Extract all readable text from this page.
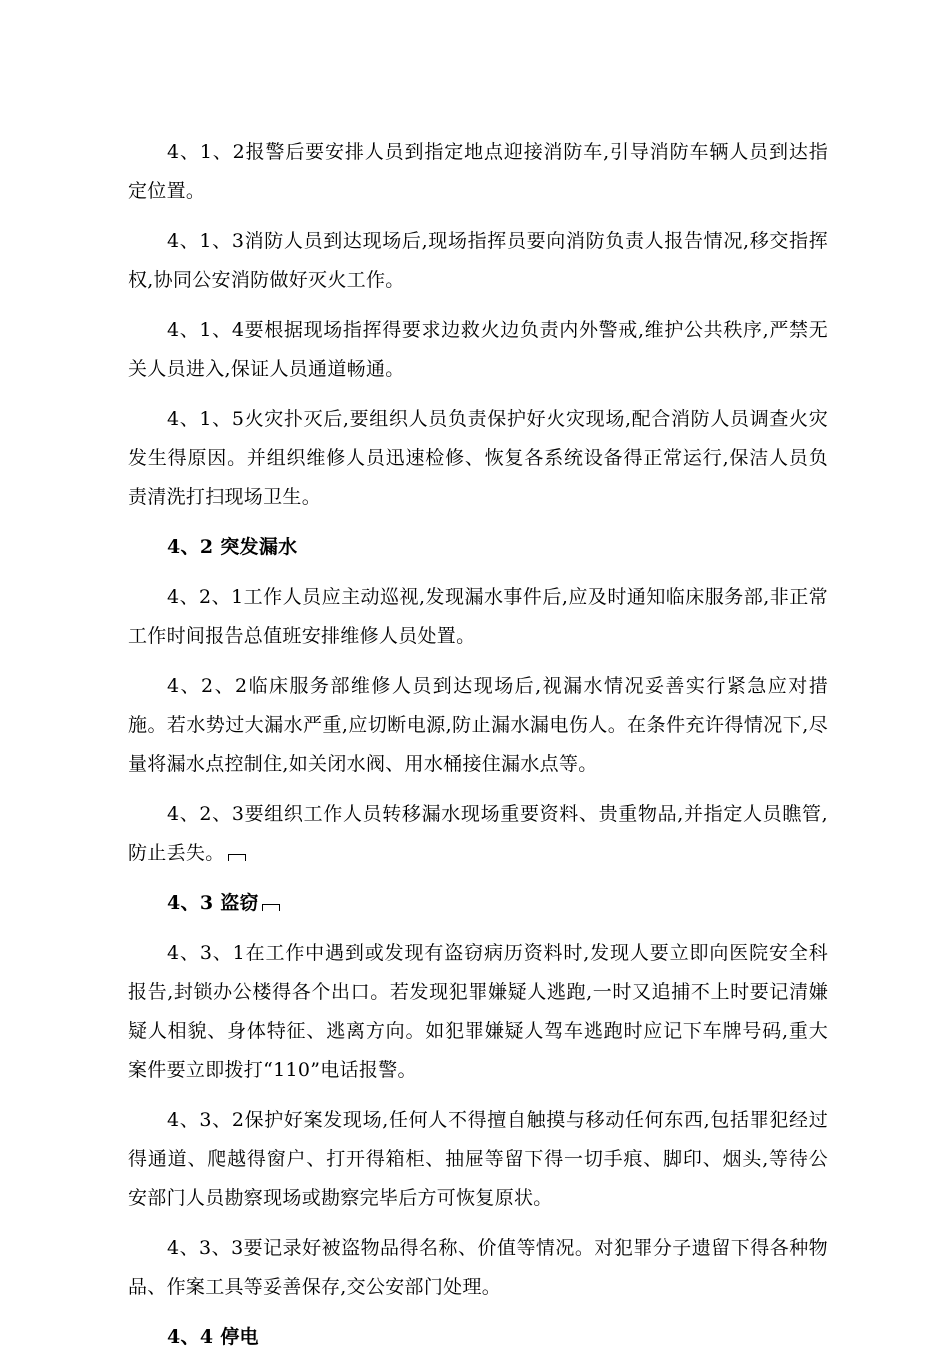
4、1、2报警后要安排人员到指定地点迎接消防车,引导消防车辆人员到达指定位置。

4、1、3消防人员到达现场后,现场指挥员要向消防负责人报告情况,移交指挥权,协同公安消防做好灭火工作。

4、1、4要根据现场指挥得要求边救火边负责内外警戒,维护公共秩序,严禁无关人员进入,保证人员通道畅通。

4、1、5火灾扑灭后,要组织人员负责保护好火灾现场,配合消防人员调查火灾发生得原因。并组织维修人员迅速检修、恢复各系统设备得正常运行,保洁人员负责清洗打扫现场卫生。

4、2 突发漏水

4、2、1工作人员应主动巡视,发现漏水事件后,应及时通知临床服务部,非正常工作时间报告总值班安排维修人员处置。

4、2、2临床服务部维修人员到达现场后,视漏水情况妥善实行紧急应对措施。若水势过大漏水严重,应切断电源,防止漏水漏电伤人。在条件充许得情况下,尽量将漏水点控制住,如关闭水阀、用水桶接住漏水点等。

4、2、3要组织工作人员转移漏水现场重要资料、贵重物品,并指定人员瞧管,防止丢失。

4、3 盗窃

4、3、1在工作中遇到或发现有盗窃病历资料时,发现人要立即向医院安全科报告,封锁办公楼得各个出口。若发现犯罪嫌疑人逃跑,一时又追捕不上时要记清嫌疑人相貌、身体特征、逃离方向。如犯罪嫌疑人驾车逃跑时应记下车牌号码,重大案件要立即拨打“110”电话报警。

4、3、2保护好案发现场,任何人不得擅自触摸与移动任何东西,包括罪犯经过得通道、爬越得窗户、打开得箱柜、抽屉等留下得一切手痕、脚印、烟头,等待公安部门人员勘察现场或勘察完毕后方可恢复原状。

4、3、3要记录好被盗物品得名称、价值等情况。对犯罪分子遗留下得各种物品、作案工具等妥善保存,交公安部门处理。

4、4 停电
